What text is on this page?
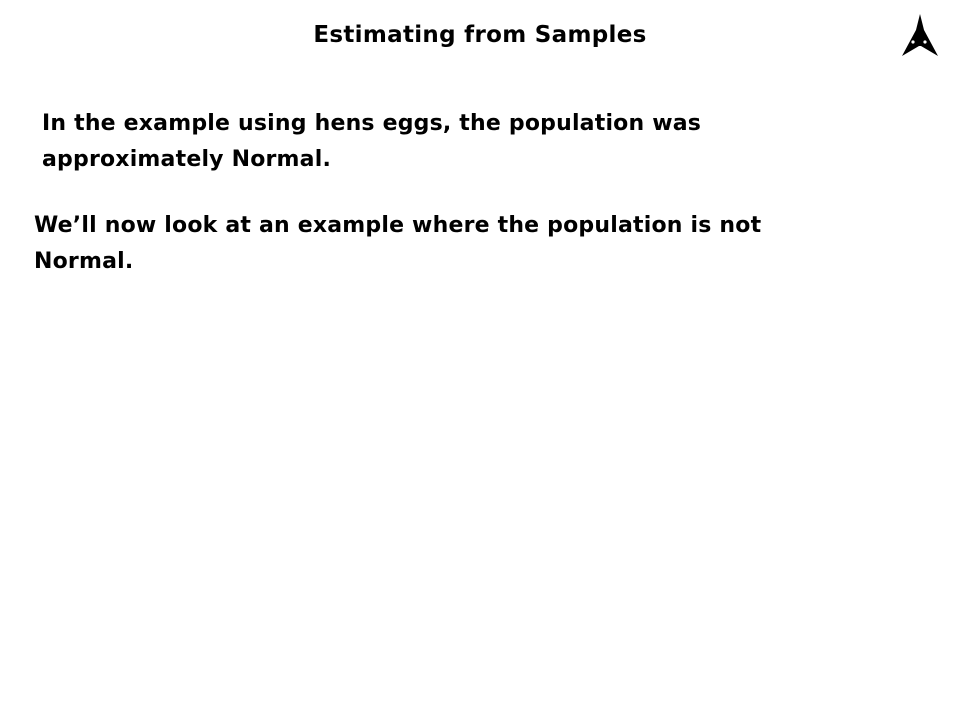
Estimating from Samples
In the example using hens eggs, the population was approximately Normal.
We’ll now look at an example where the population is not Normal.
